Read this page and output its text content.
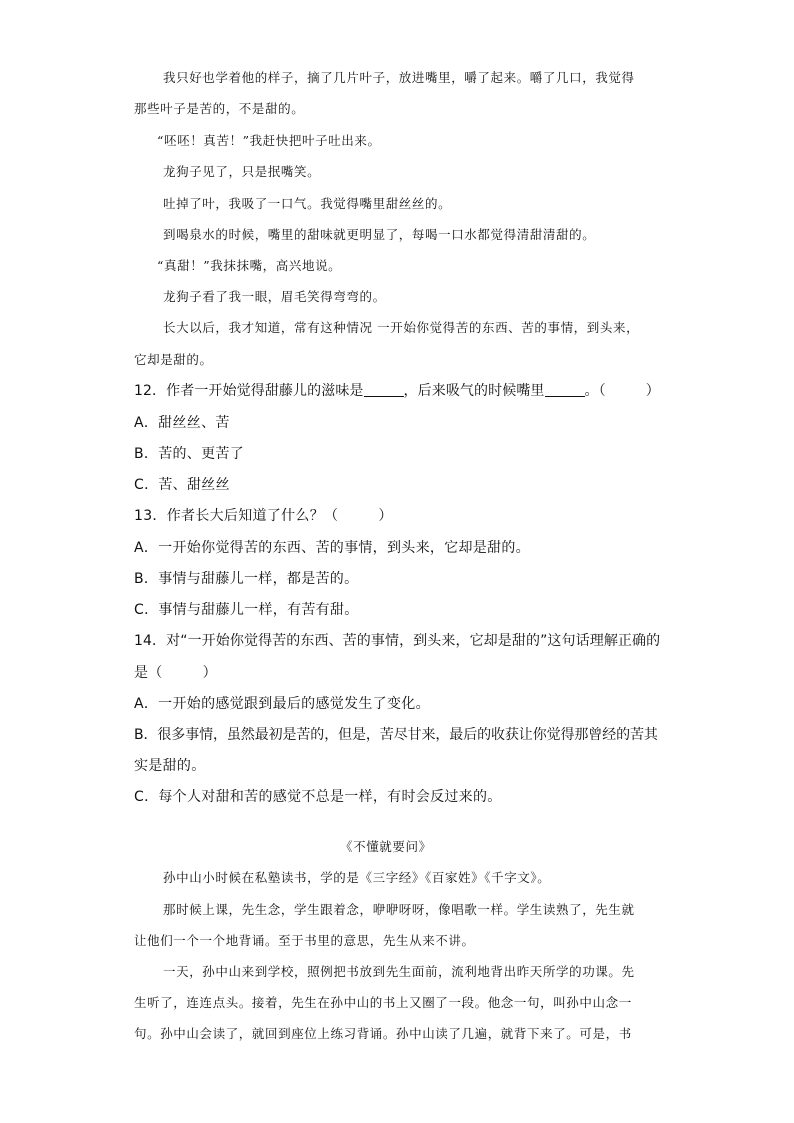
我只好也学着他的样子，摘了几片叶子，放进嘴里，嚼了起来。嚼了几口，我觉得
那些叶子是苦的，不是甜的。
“呸呸！真苦！”我赶快把叶子吐出来。
龙狗子见了，只是抿嘴笑。
吐掉了叶，我吸了一口气。我觉得嘴里甜丝丝的。
到喝泉水的时候，嘴里的甜味就更明显了，每喝一口水都觉得清甜清甜的。
“真甜！”我抹抹嘴，高兴地说。
龙狗子看了我一眼，眉毛笑得弯弯的。
长大以后，我才知道，常有这种情况 一开始你觉得苦的东西、苦的事情，到头来，
它却是甜的。
12．作者一开始觉得甜藤儿的滋味是	，后来吸气的时候嘴里	。（	）
A．甜丝丝、苦
B．苦的、更苦了
C．苦、甜丝丝
13．作者长大后知道了什么？（	）
A．一开始你觉得苦的东西、苦的事情，到头来，它却是甜的。
B．事情与甜藤儿一样，都是苦的。
C．事情与甜藤儿一样，有苦有甜。
14．对“一开始你觉得苦的东西、苦的事情，到头来，它却是甜的”这句话理解正确的
是（	）
A．一开始的感觉跟到最后的感觉发生了变化。
B．很多事情，虽然最初是苦的，但是，苦尽甘来，最后的收获让你觉得那曾经的苦其
实是甜的。
C．每个人对甜和苦的感觉不总是一样，有时会反过来的。
《不懂就要问》
孙中山小时候在私塾读书，学的是《三字经》《百家姓》《千字文》。
那时候上课，先生念，学生跟着念，咿咿呀呀，像唱歌一样。学生读熟了，先生就
让他们一个一个地背诵。至于书里的意思，先生从来不讲。
一天，孙中山来到学校，照例把书放到先生面前，流利地背出昨天所学的功课。先
生听了，连连点头。接着，先生在孙中山的书上又圈了一段。他念一句，叫孙中山念一
句。孙中山会读了，就回到座位上练习背诵。孙中山读了几遍，就背下来了。可是，书
